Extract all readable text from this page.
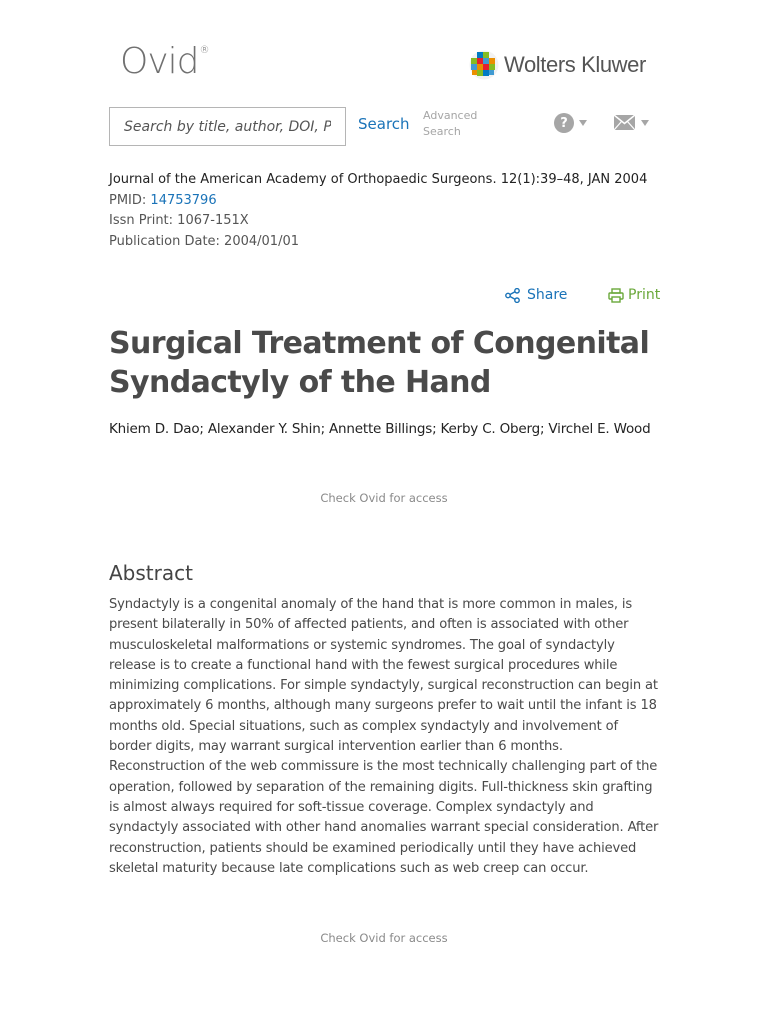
Ovid®
Wolters Kluwer
Search by title, author, DOI, PMID
Search Advanced Search
?
Journal of the American Academy of Orthopaedic Surgeons. 12(1):39–48, JAN 2004
PMID: 14753796
Issn Print: 1067-151X
Publication Date: 2004/01/01
Share	Print
Surgical Treatment of Congenital Syndactyly of the Hand
Khiem D. Dao; Alexander Y. Shin; Annette Billings; Kerby C. Oberg; Virchel E. Wood
Check Ovid for access
Abstract

Syndactyly is a congenital anomaly of the hand that is more common in males, is present bilaterally in 50% of affected patients, and often is associated with other musculoskeletal malformations or systemic syndromes. The goal of syndactyly release is to create a functional hand with the fewest surgical procedures while minimizing complications. For simple syndactyly, surgical reconstruction can begin at approximately 6 months, although many surgeons prefer to wait until the infant is 18 months old. Special situations, such as complex syndactyly and involvement of border digits, may warrant surgical intervention earlier than 6 months. Reconstruction of the web commissure is the most technically challenging part of the operation, followed by separation of the remaining digits. Full-thickness skin grafting is almost always required for soft-tissue coverage. Complex syndactyly and syndactyly associated with other hand anomalies warrant special consideration. After reconstruction, patients should be examined periodically until they have achieved skeletal maturity because late complications such as web creep can occur.

Check Ovid for access
